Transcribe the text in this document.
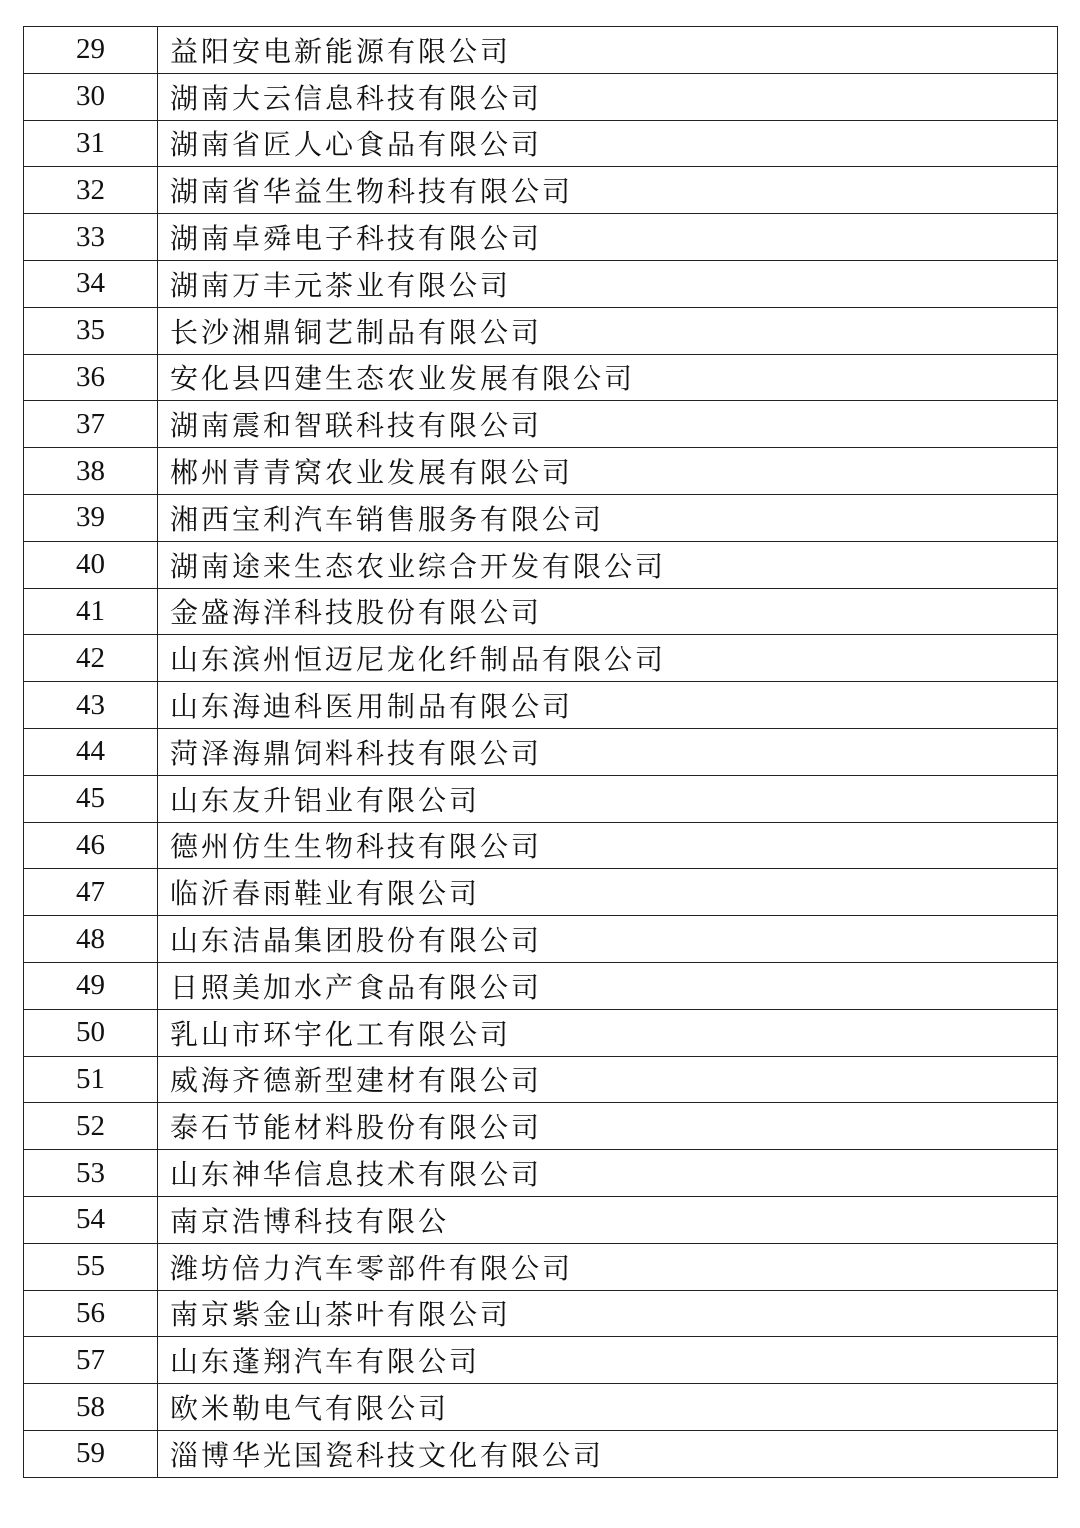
29	益阳安电新能源有限公司
30	湖南大云信息科技有限公司
31	湖南省匠人心食品有限公司
32	湖南省华益生物科技有限公司
33	湖南卓舜电子科技有限公司
34	湖南万丰元茶业有限公司
35	长沙湘鼎铜艺制品有限公司
36	安化县四建生态农业发展有限公司
37	湖南震和智联科技有限公司
38	郴州青青窝农业发展有限公司
39	湘西宝利汽车销售服务有限公司
40	湖南途来生态农业综合开发有限公司
41	金盛海洋科技股份有限公司
42	山东滨州恒迈尼龙化纤制品有限公司
43	山东海迪科医用制品有限公司
44	菏泽海鼎饲料科技有限公司
45	山东友升铝业有限公司
46	德州仿生生物科技有限公司
47	临沂春雨鞋业有限公司
48	山东洁晶集团股份有限公司
49	日照美加水产食品有限公司
50	乳山市环宇化工有限公司
51	威海齐德新型建材有限公司
52	泰石节能材料股份有限公司
53	山东神华信息技术有限公司
54	南京浩博科技有限公
55	潍坊倍力汽车零部件有限公司
56	南京紫金山茶叶有限公司
57	山东蓬翔汽车有限公司
58	欧米勒电气有限公司
59	淄博华光国瓷科技文化有限公司
